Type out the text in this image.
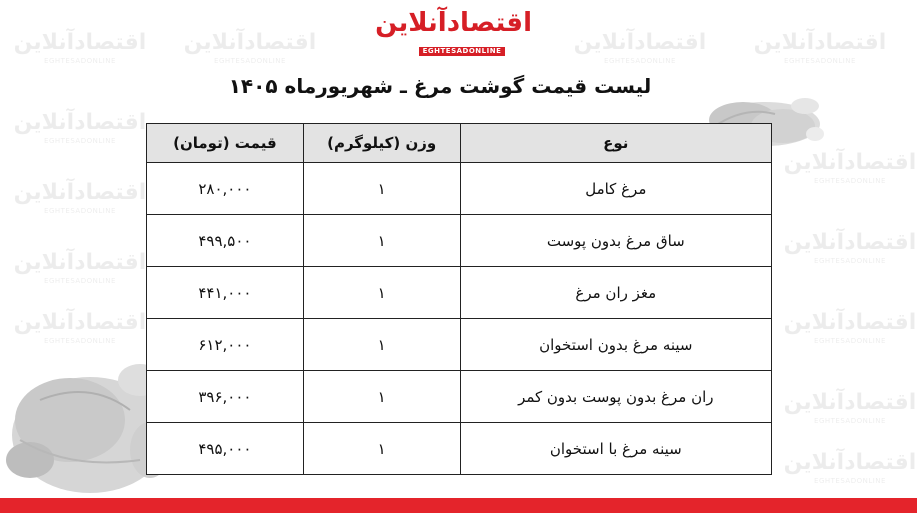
اقتصادآنلاین
EGHTESADONLINE
اقتصادآنلاین
EGHTESADONLINE
اقتصادآنلاین
EGHTESADONLINE
اقتصادآنلاین
EGHTESADONLINE
اقتصادآنلاین
EGHTESADONLINE
اقتصادآنلاین
EGHTESADONLINE
اقتصادآنلاین
EGHTESADONLINE
اقتصادآنلاین
EGHTESADONLINE
اقتصادآنلاین
EGHTESADONLINE
اقتصادآنلاین
EGHTESADONLINE
اقتصادآنلاین
EGHTESADONLINE
اقتصادآنلاین
EGHTESADONLINE
اقتصادآنلاین
EGHTESADONLINE
اقتصادآنلاین
EGHTESADONLINE
لیست قیمت گوشت مرغ ـ شهریورماه ۱۴۰۵
نوع	وزن (کیلوگرم)	قیمت (تومان)
مرغ کامل	۱	۲۸۰,۰۰۰
ساق مرغ بدون پوست	۱	۴۹۹,۵۰۰
مغز ران مرغ	۱	۴۴۱,۰۰۰
سینه مرغ بدون استخوان	۱	۶۱۲,۰۰۰
ران مرغ بدون پوست بدون کمر	۱	۳۹۶,۰۰۰
سینه مرغ با استخوان	۱	۴۹۵,۰۰۰
